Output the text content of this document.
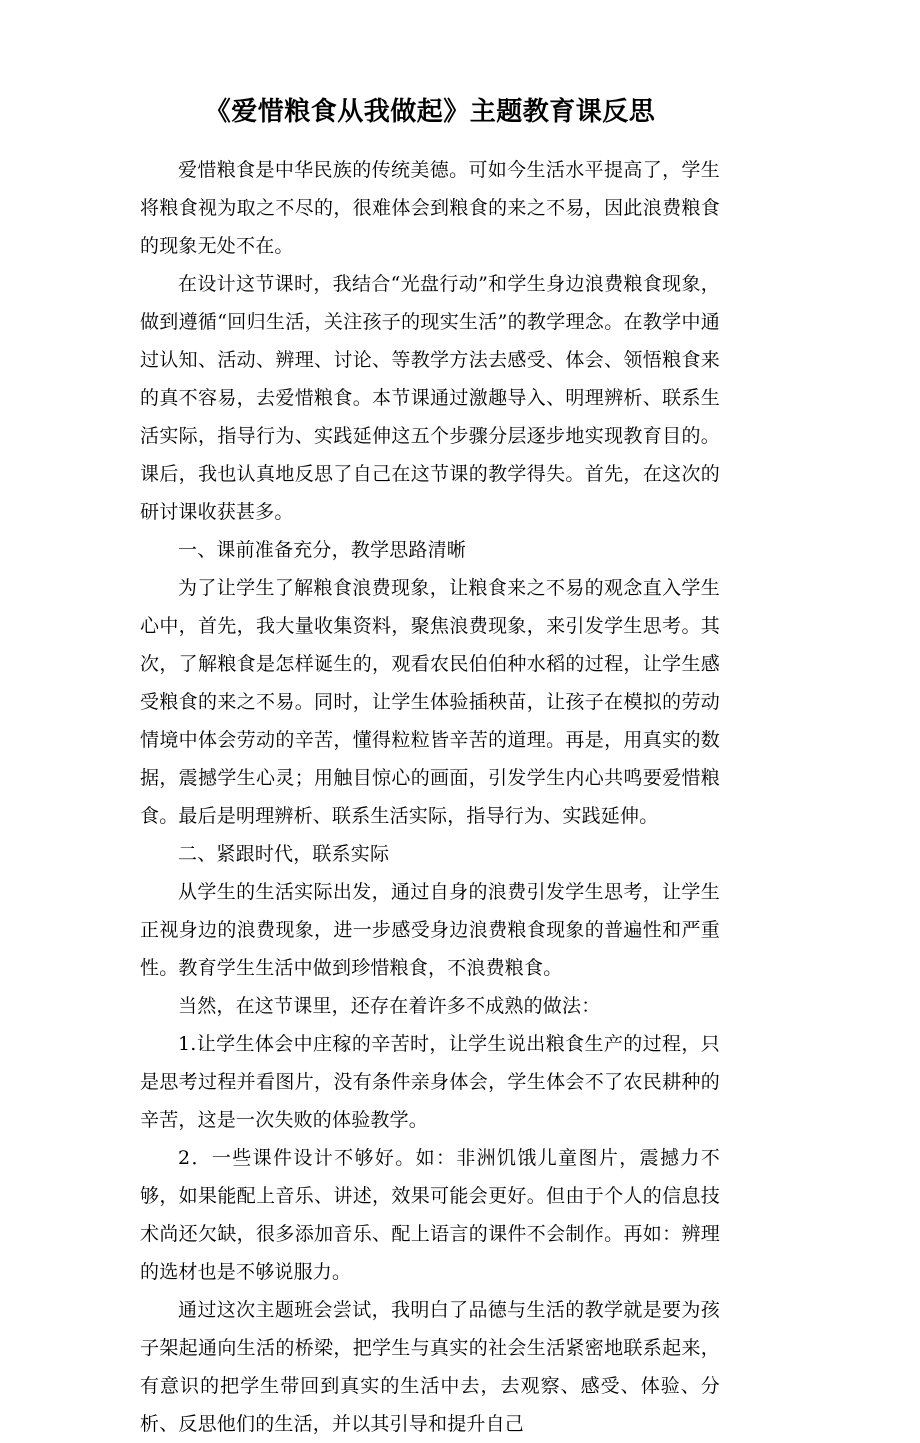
《爱惜粮食从我做起》主题教育课反思

爱惜粮食是中华民族的传统美德。可如今生活水平提高了，学生将粮食视为取之不尽的，很难体会到粮食的来之不易，因此浪费粮食的现象无处不在。

在设计这节课时，我结合“光盘行动”和学生身边浪费粮食现象，做到遵循“回归生活，关注孩子的现实生活”的教学理念。在教学中通过认知、活动、辨理、讨论、等教学方法去感受、体会、领悟粮食来的真不容易，去爱惜粮食。本节课通过激趣导入、明理辨析、联系生活实际，指导行为、实践延伸这五个步骤分层逐步地实现教育目的。课后，我也认真地反思了自己在这节课的教学得失。首先，在这次的研讨课收获甚多。

一、课前准备充分，教学思路清晰

为了让学生了解粮食浪费现象，让粮食来之不易的观念直入学生心中，首先，我大量收集资料，聚焦浪费现象，来引发学生思考。其次，了解粮食是怎样诞生的，观看农民伯伯种水稻的过程，让学生感受粮食的来之不易。同时，让学生体验插秧苗，让孩子在模拟的劳动情境中体会劳动的辛苦，懂得粒粒皆辛苦的道理。再是，用真实的数据，震撼学生心灵；用触目惊心的画面，引发学生内心共鸣要爱惜粮食。最后是明理辨析、联系生活实际，指导行为、实践延伸。

二、紧跟时代，联系实际

从学生的生活实际出发，通过自身的浪费引发学生思考，让学生正视身边的浪费现象，进一步感受身边浪费粮食现象的普遍性和严重性。教育学生生活中做到珍惜粮食，不浪费粮食。

当然，在这节课里，还存在着许多不成熟的做法：

1.让学生体会中庄稼的辛苦时，让学生说出粮食生产的过程，只是思考过程并看图片，没有条件亲身体会，学生体会不了农民耕种的辛苦，这是一次失败的体验教学。

2．一些课件设计不够好。如：非洲饥饿儿童图片，震撼力不够，如果能配上音乐、讲述，效果可能会更好。但由于个人的信息技术尚还欠缺，很多添加音乐、配上语言的课件不会制作。再如：辨理的选材也是不够说服力。

通过这次主题班会尝试，我明白了品德与生活的教学就是要为孩子架起通向生活的桥梁，把学生与真实的社会生活紧密地联系起来，有意识的把学生带回到真实的生活中去，去观察、感受、体验、分析、反思他们的生活，并以其引导和提升自己
